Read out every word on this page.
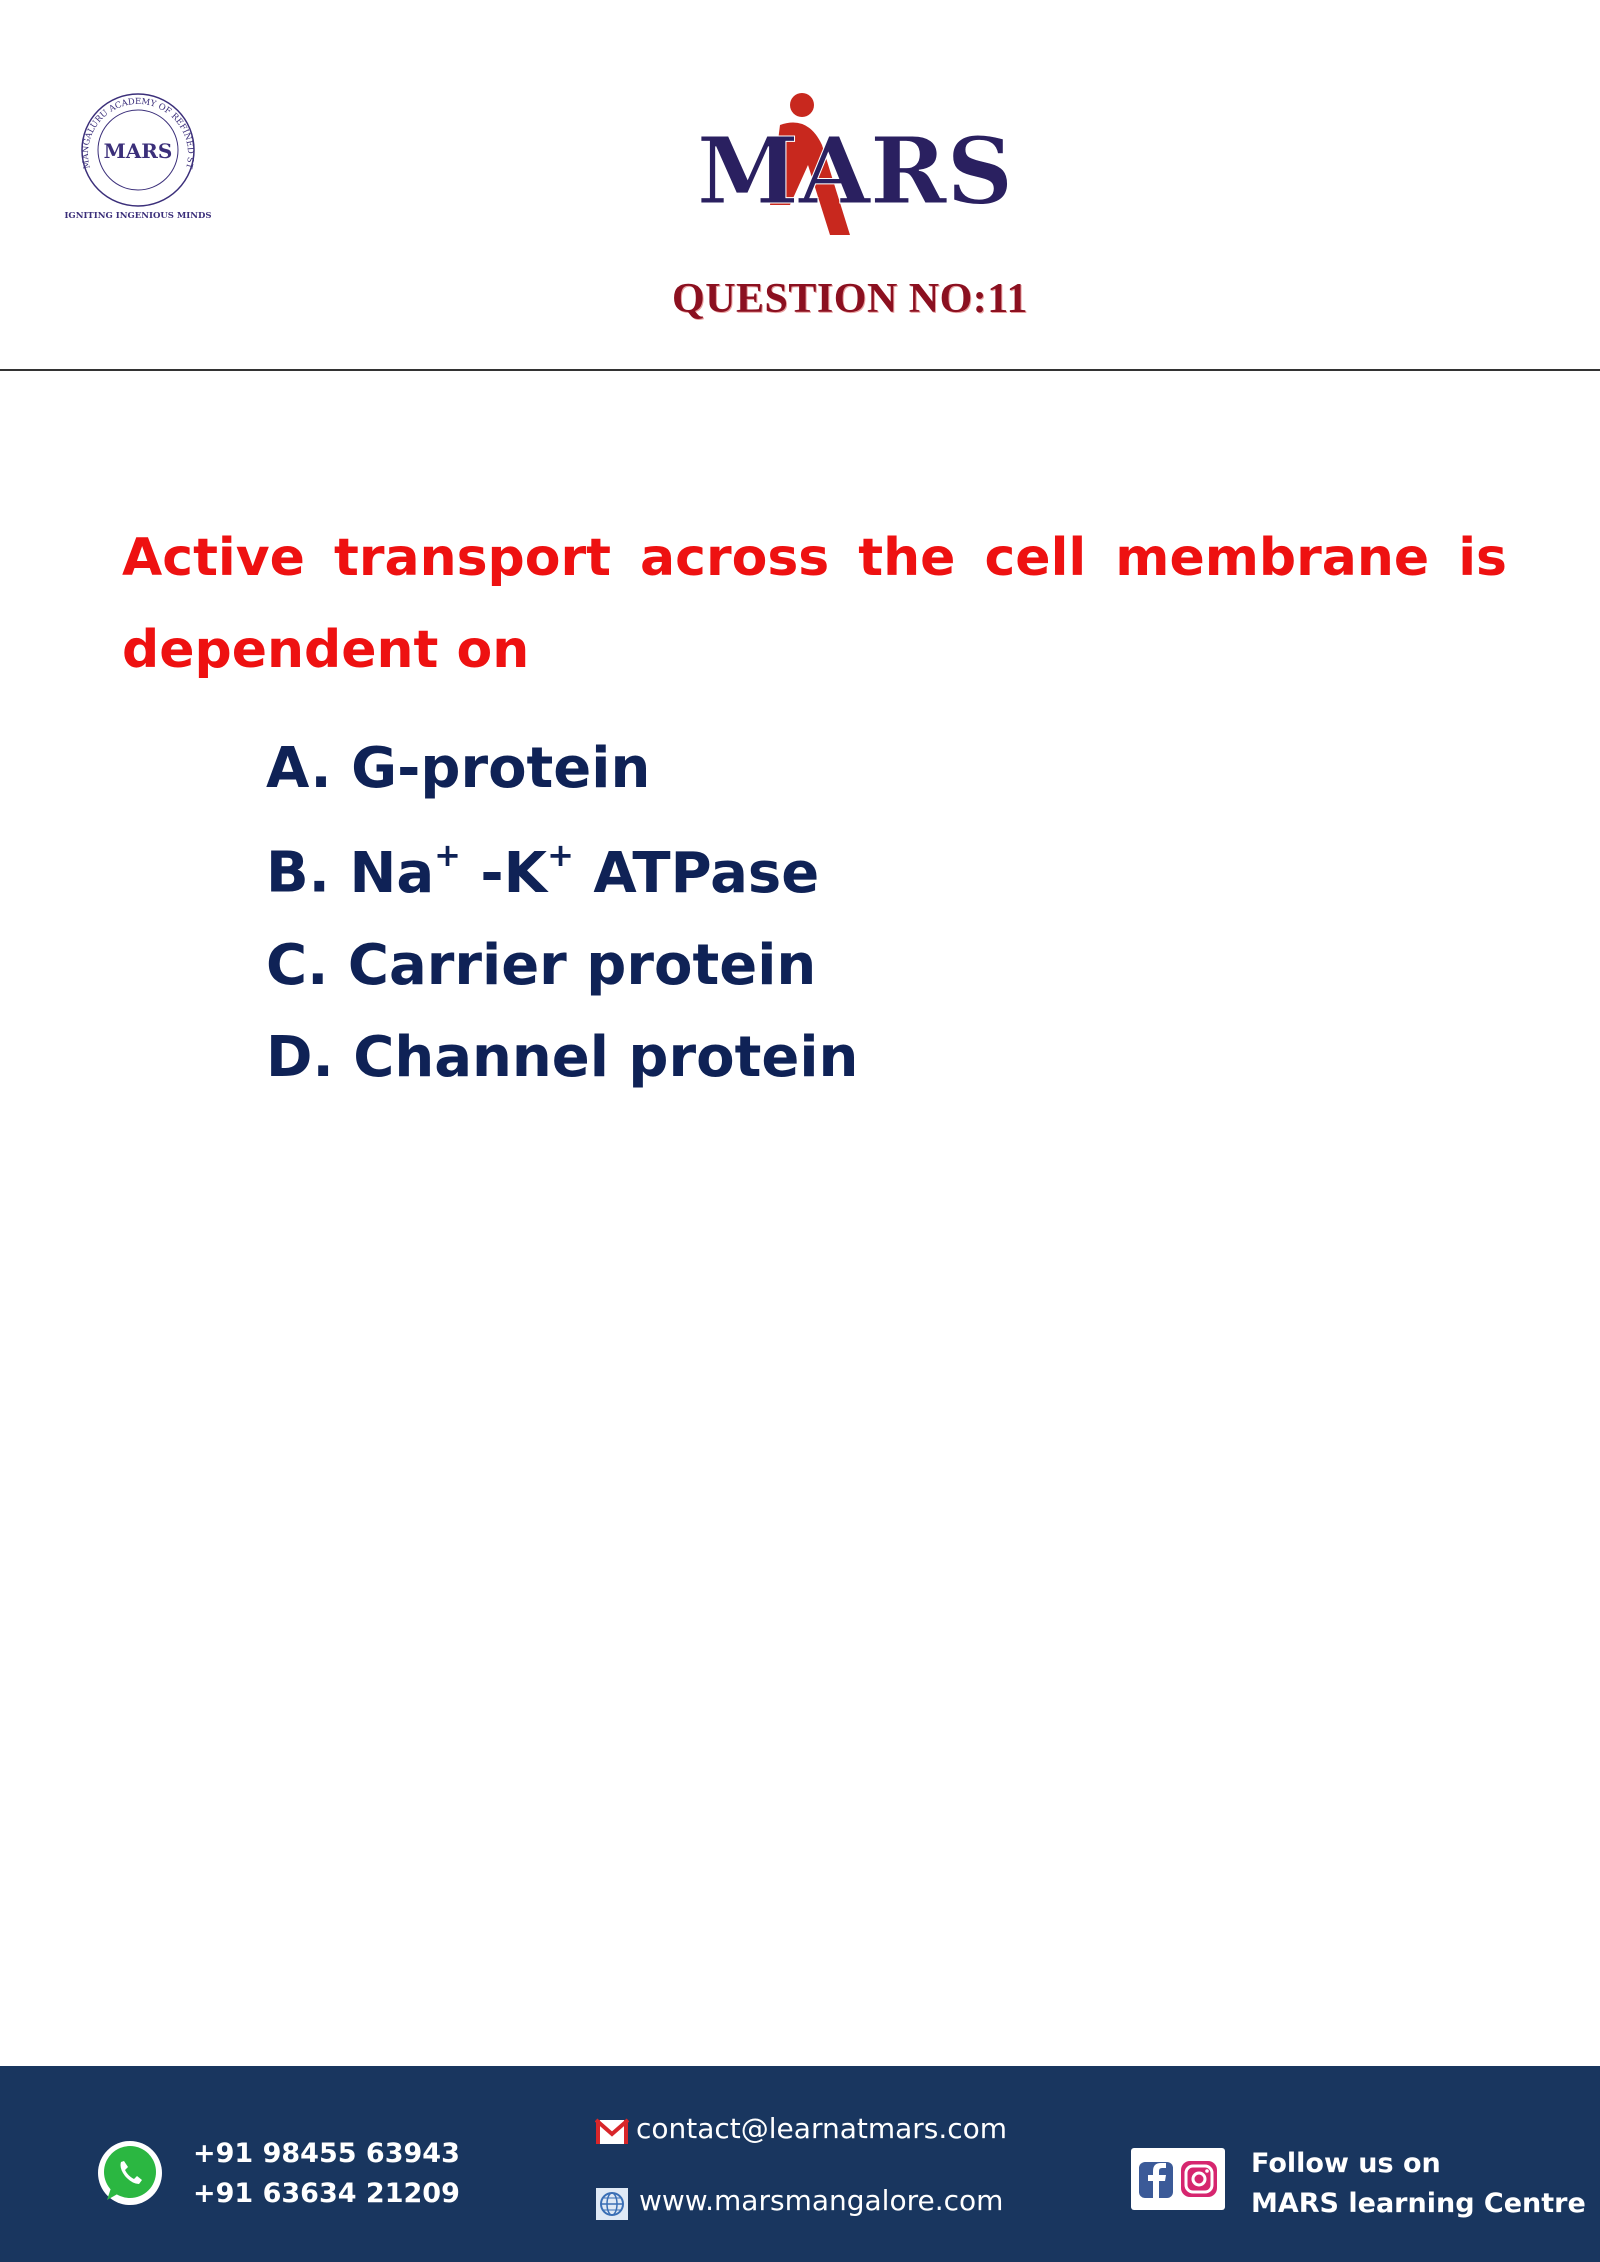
MANGALURU ACADEMY OF REFINED ST
MARS
IGNITING INGENIOUS MINDS	MARS
QUESTION NO:11

Active transport across the cell membrane is dependent on

A. G-protein
B. Na+ -K+ ATPase
C. Carrier protein
D. Channel protein
+91 98455 63943
+91 63634 21209
contact@learnatmars.com
www.marsmangalore.com
Follow us on
MARS learning Centre
